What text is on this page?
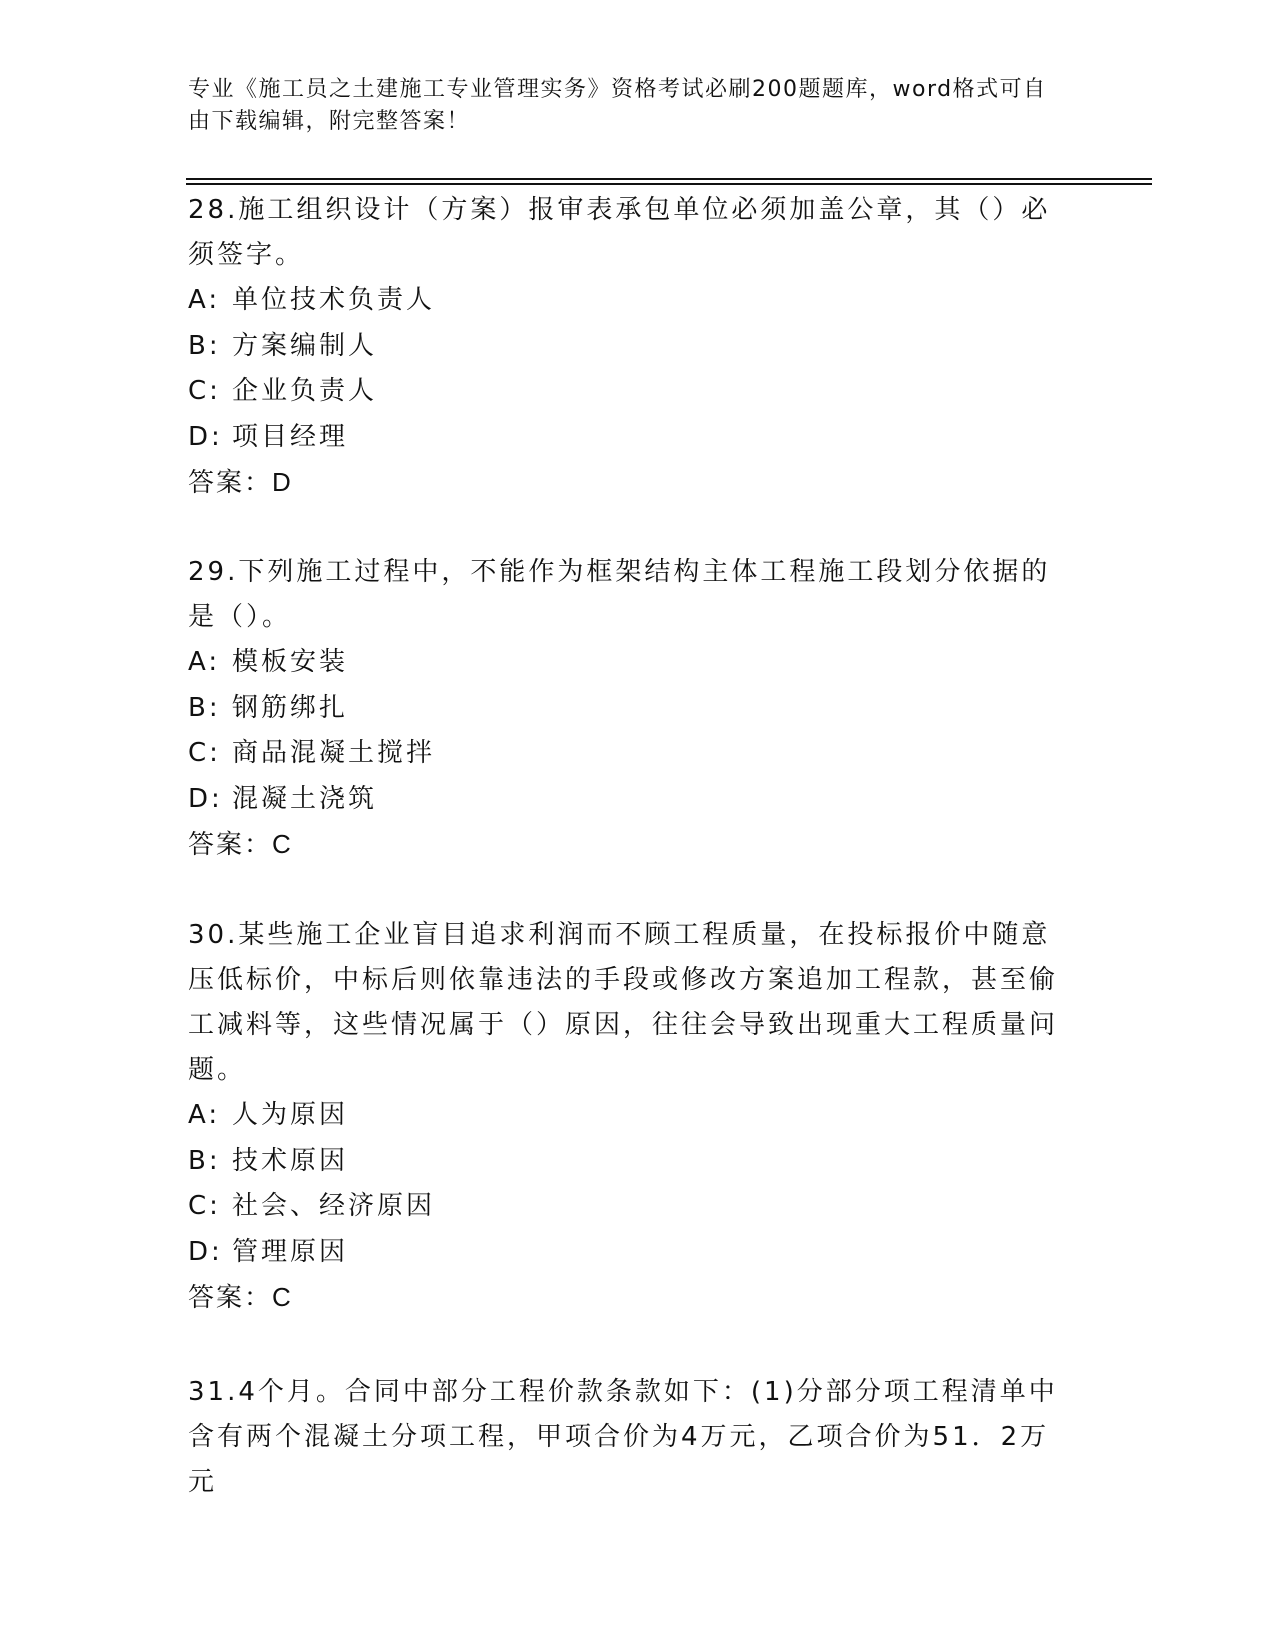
专业《施工员之土建施工专业管理实务》资格考试必刷200题题库，word格式可自由下载编辑，附完整答案！
28.施工组织设计（方案）报审表承包单位必须加盖公章，其（）必须签字。
A: 单位技术负责人
B: 方案编制人
C: 企业负责人
D: 项目经理
答案：D
29.下列施工过程中，不能作为框架结构主体工程施工段划分依据的是（）。
A: 模板安装
B: 钢筋绑扎
C: 商品混凝土搅拌
D: 混凝土浇筑
答案：C
30.某些施工企业盲目追求利润而不顾工程质量，在投标报价中随意压低标价，中标后则依靠违法的手段或修改方案追加工程款，甚至偷工减料等，这些情况属于（）原因，往往会导致出现重大工程质量问题。
A: 人为原因
B: 技术原因
C: 社会、经济原因
D: 管理原因
答案：C
31.4个月。合同中部分工程价款条款如下：(1)分部分项工程清单中含有两个混凝土分项工程，甲项合价为4万元，乙项合价为51．2万元
